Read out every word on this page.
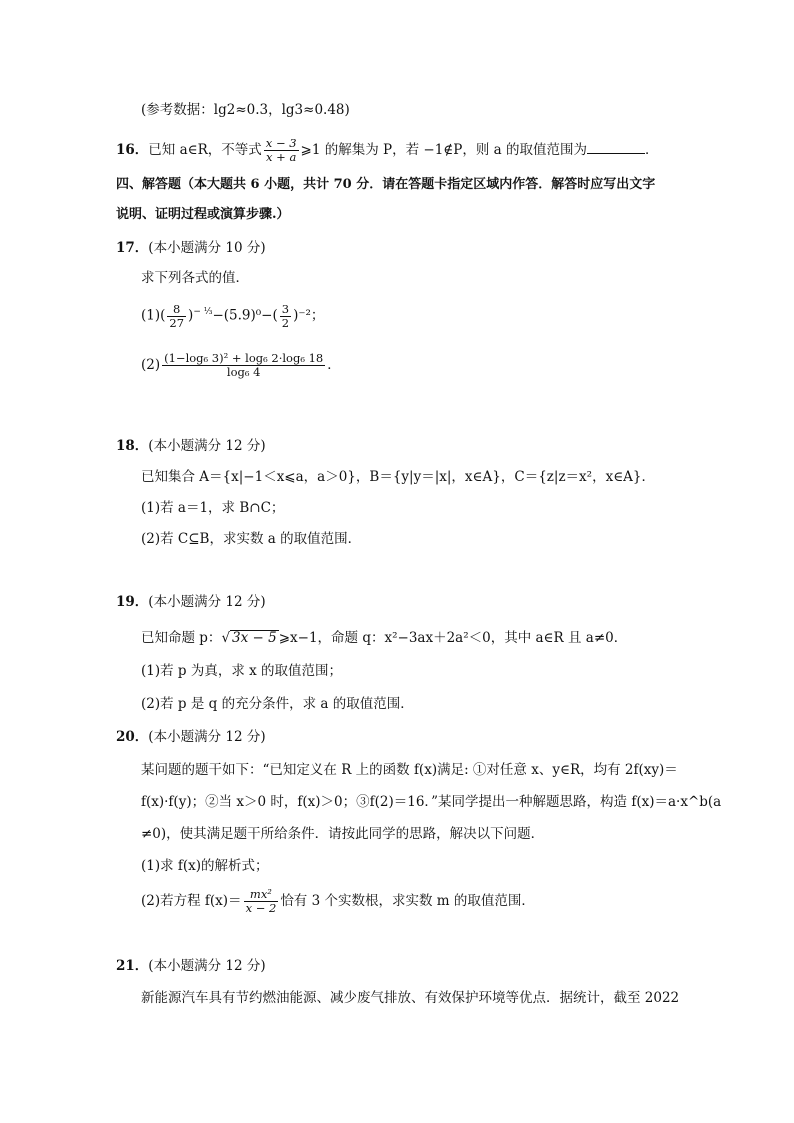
(参考数据：lg2≈0.3，lg3≈0.48)
16．已知 a∈R，不等式 $\frac{x - 3}{x + a}$ ⩾1 的解集为 P，若 −1∉P，则 a 的取值范围为	．
四、解答题（本大题共 6 小题，共计 70 分．请在答题卡指定区域内作答．解答时应写出文字
说明、证明过程或演算步骤.）
17．(本小题满分 10 分)
求下列各式的值．
$(1)( \frac{8}{27} )^{- \frac{1}{3}}-(5.9)^0-( \frac{3}{2} )^{-2}$；
$(2) \frac{\text{(1−log₆ 3)² + log₆ 2·log₆ 18}}{\text{log₆ 4}}$ ．
18．(本小题满分 12 分)
已知集合 A＝{x|−1＜x⩽a，a＞0}，B＝{y|y＝|x|，x∈A}，C＝{z|z＝x²，x∈A}．
(1)若 a＝1，求 B∩C；
(2)若 C⊆B，求实数 a 的取值范围．
19．(本小题满分 12 分)
已知命题 p：√ 3x − 5 ⩾x−1，命题 q：x²−3ax＋2a²＜0，其中 a∈R 且 a≠0．
(1)若 p 为真，求 x 的取值范围；
(2)若 p 是 q 的充分条件，求 a 的取值范围．
20．(本小题满分 12 分)
某问题的题干如下：“已知定义在 R 上的函数 f(x)满足: ①对任意 x、y∈R，均有 2f(xy)＝
f(x)·f(y)；②当 x＞0 时，f(x)＞0；③f(2)＝16．”某同学提出一种解题思路，构造 f(x)＝a·x^b(a
≠0)，使其满足题干所给条件．请按此同学的思路，解决以下问题．
(1)求 f(x)的解析式；
(2)若方程 $f(x)= \frac{\text{mx²}}{x - 2}$ 恰有 3 个实数根，求实数 m 的取值范围．
21．(本小题满分 12 分)
新能源汽车具有节约燃油能源、减少废气排放、有效保护环境等优点．据统计，截至 2022
